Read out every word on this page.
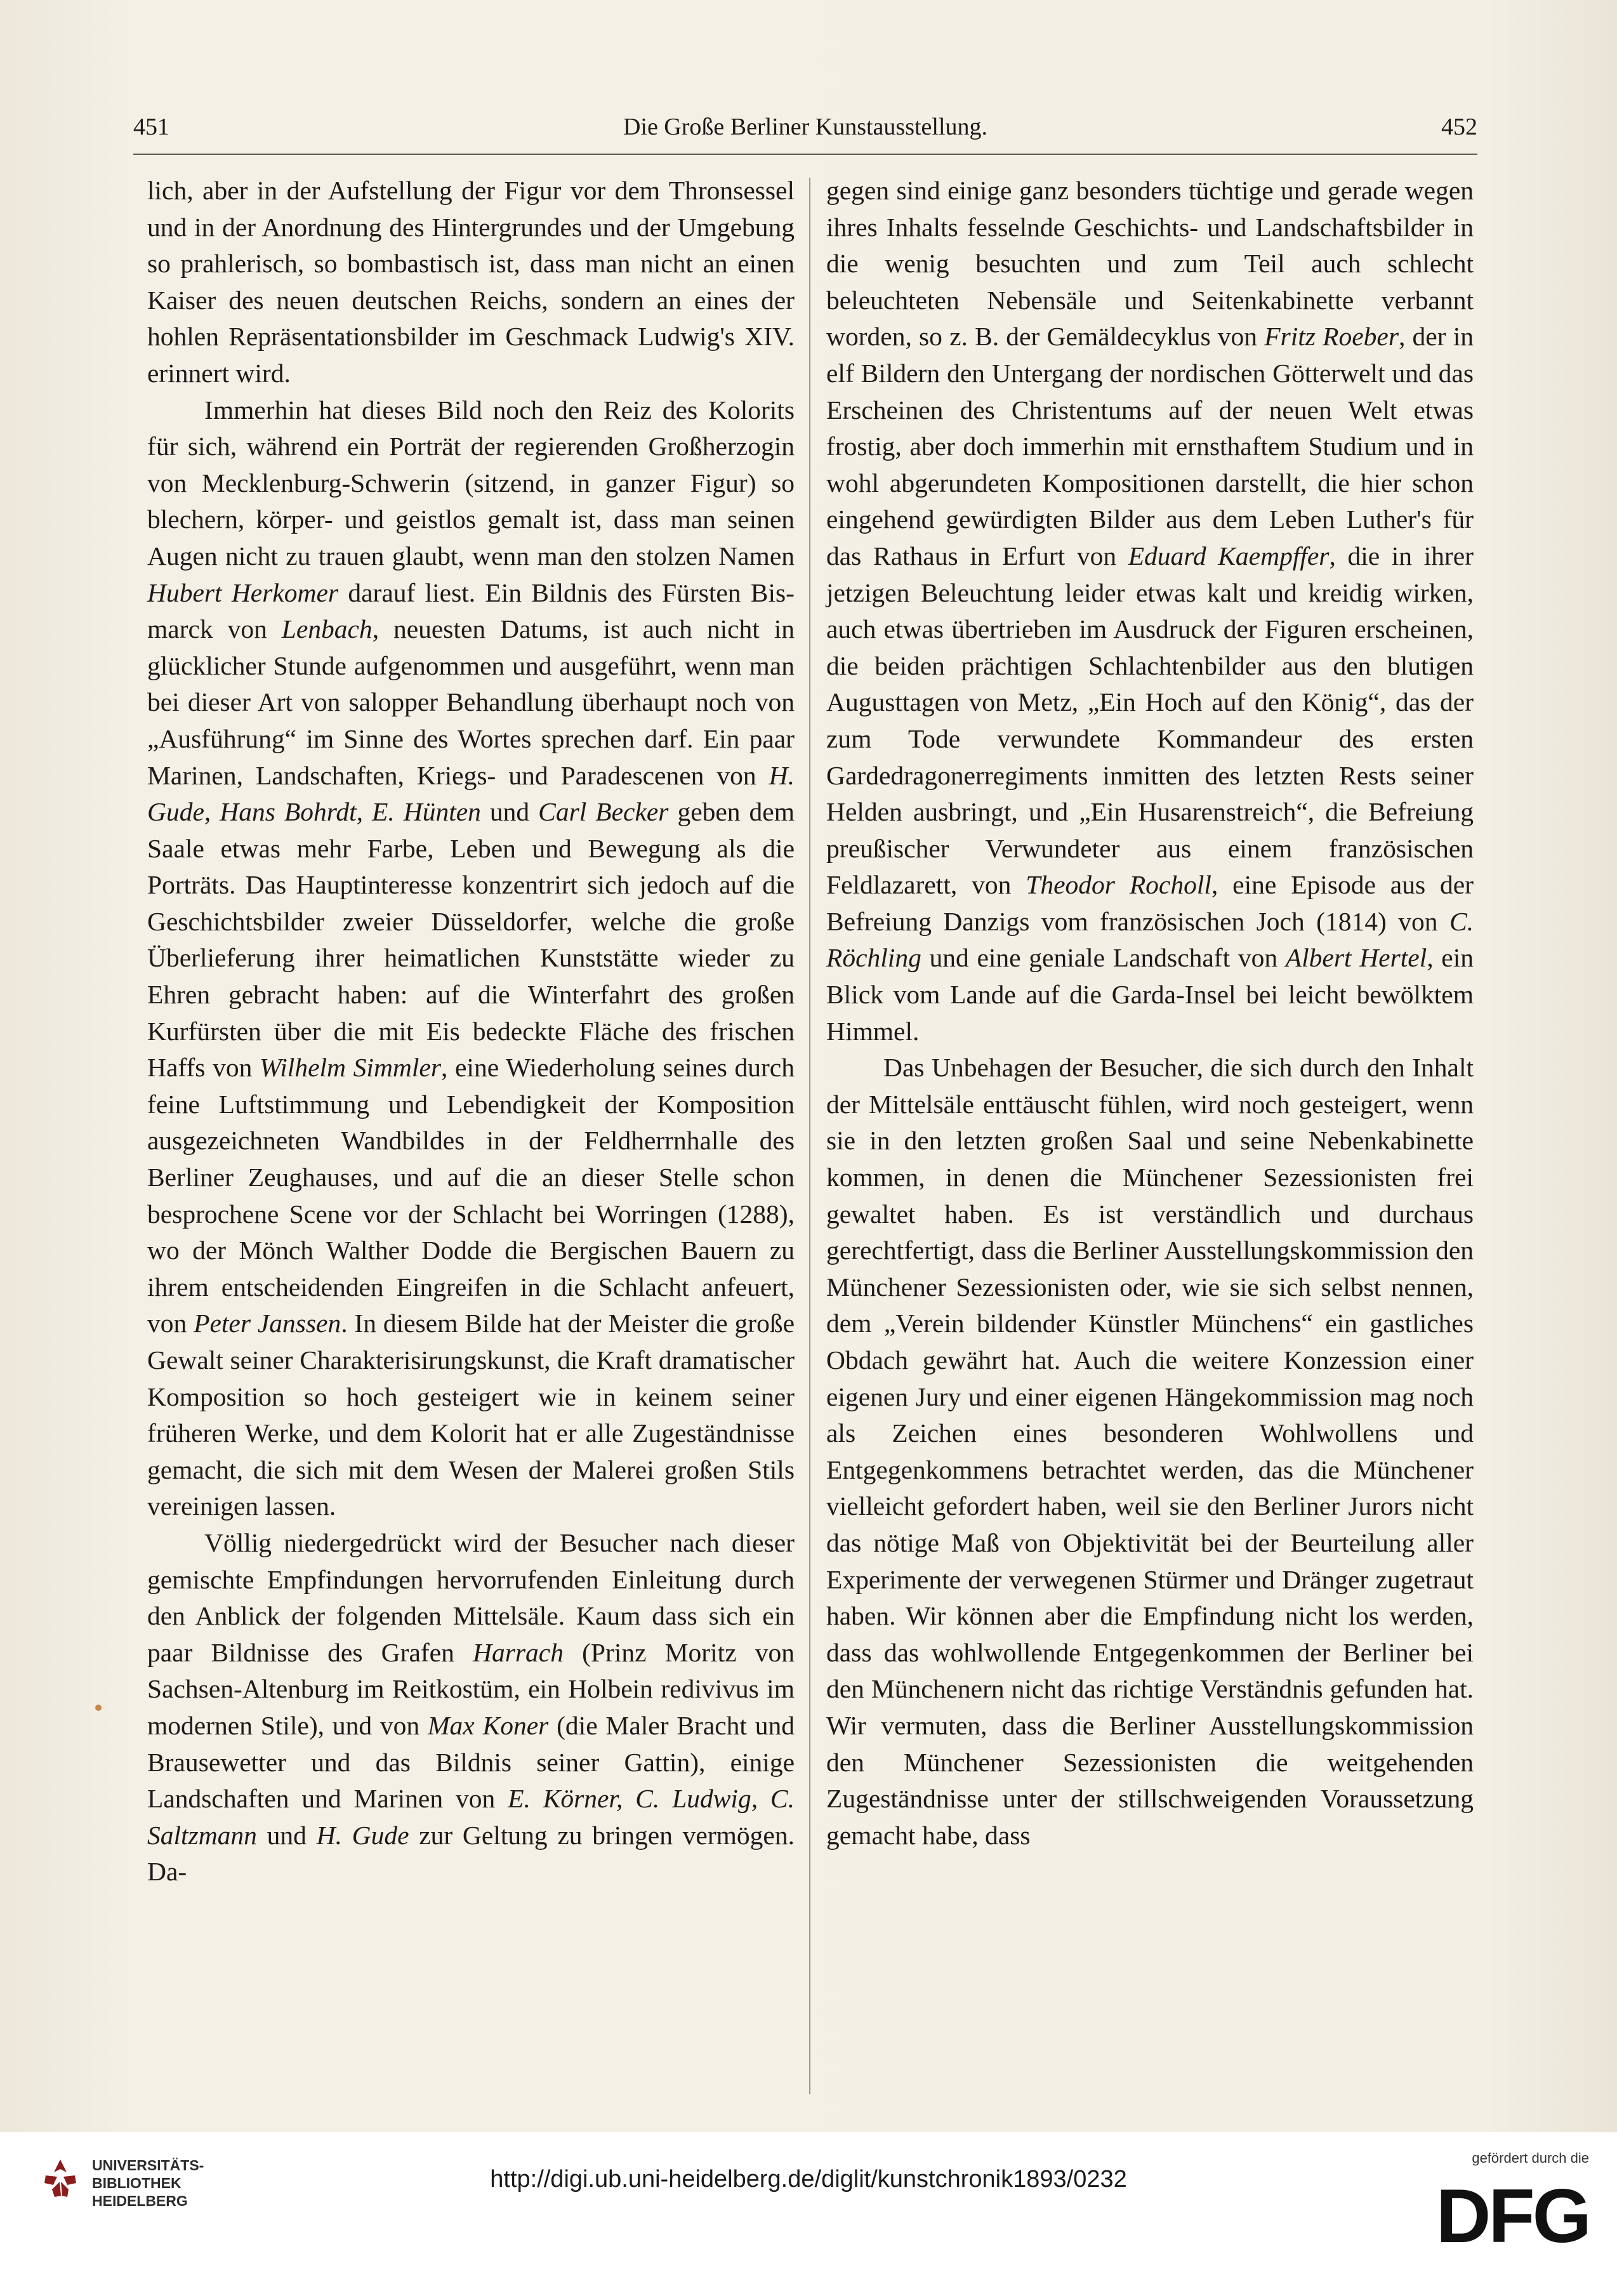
451	Die Große Berliner Kunstausstellung.	452

lich, aber in der Aufstellung der Figur vor dem Thronsessel und in der Anordnung des Hintergrundes und der Umgebung so prahlerisch, so bombastisch ist, dass man nicht an einen Kaiser des neuen deutschen Reichs, sondern an eines der hohlen Repräsentationsbilder im Geschmack Ludwig's XIV. erinnert wird.

Immerhin hat dieses Bild noch den Reiz des Kolorits für sich, während ein Porträt der regierenden Großherzogin von Mecklenburg-Schwerin (sitzend, in ganzer Figur) so blechern, körper- und geistlos gemalt ist, dass man seinen Augen nicht zu trauen glaubt, wenn man den stolzen Namen Hubert Herkomer darauf liest. Ein Bildnis des Fürsten Bismarck von Lenbach, neuesten Datums, ist auch nicht in glücklicher Stunde aufgenommen und ausgeführt, wenn man bei dieser Art von salopper Behandlung überhaupt noch von „Ausführung“ im Sinne des Wortes sprechen darf. Ein paar Marinen, Landschaften, Kriegs- und Paradescenen von H. Gude, Hans Bohrdt, E. Hünten und Carl Becker geben dem Saale etwas mehr Farbe, Leben und Bewegung als die Porträts. Das Hauptinteresse konzentrirt sich jedoch auf die Geschichtsbilder zweier Düsseldorfer, welche die große Überlieferung ihrer heimatlichen Kunststätte wieder zu Ehren gebracht haben: auf die Winterfahrt des großen Kurfürsten über die mit Eis bedeckte Fläche des frischen Haffs von Wilhelm Simmler, eine Wiederholung seines durch feine Luftstimmung und Lebendigkeit der Komposition ausgezeichneten Wandbildes in der Feldherrnhalle des Berliner Zeughauses, und auf die an dieser Stelle schon besprochene Scene vor der Schlacht bei Worringen (1288), wo der Mönch Walther Dodde die Bergischen Bauern zu ihrem entscheidenden Eingreifen in die Schlacht anfeuert, von Peter Janssen. In diesem Bilde hat der Meister die große Gewalt seiner Charakterisirungskunst, die Kraft dramatischer Komposition so hoch gesteigert wie in keinem seiner früheren Werke, und dem Kolorit hat er alle Zugeständnisse gemacht, die sich mit dem Wesen der Malerei großen Stils vereinigen lassen.

Völlig niedergedrückt wird der Besucher nach dieser gemischte Empfindungen hervorrufenden Einleitung durch den Anblick der folgenden Mittelsäle. Kaum dass sich ein paar Bildnisse des Grafen Harrach (Prinz Moritz von Sachsen-Altenburg im Reitkostüm, ein Holbein redivivus im modernen Stile), und von Max Koner (die Maler Bracht und Brausewetter und das Bildnis seiner Gattin), einige Landschaften und Marinen von E. Körner, C. Ludwig, C. Saltzmann und H. Gude zur Geltung zu bringen vermögen. Da-

gegen sind einige ganz besonders tüchtige und gerade wegen ihres Inhalts fesselnde Geschichts- und Landschaftsbilder in die wenig besuchten und zum Teil auch schlecht beleuchteten Nebensäle und Seitenkabinette verbannt worden, so z. B. der Gemäldecyklus von Fritz Roeber, der in elf Bildern den Untergang der nordischen Götterwelt und das Erscheinen des Christentums auf der neuen Welt etwas frostig, aber doch immerhin mit ernsthaftem Studium und in wohl abgerundeten Kompositionen darstellt, die hier schon eingehend gewürdigten Bilder aus dem Leben Luther's für das Rathaus in Erfurt von Eduard Kaempffer, die in ihrer jetzigen Beleuchtung leider etwas kalt und kreidig wirken, auch etwas übertrieben im Ausdruck der Figuren erscheinen, die beiden prächtigen Schlachtenbilder aus den blutigen Augusttagen von Metz, „Ein Hoch auf den König“, das der zum Tode verwundete Kommandeur des ersten Gardedragonerregiments inmitten des letzten Rests seiner Helden ausbringt, und „Ein Husarenstreich“, die Befreiung preußischer Verwundeter aus einem französischen Feldlazarett, von Theodor Rocholl, eine Episode aus der Befreiung Danzigs vom französischen Joch (1814) von C. Röchling und eine geniale Landschaft von Albert Hertel, ein Blick vom Lande auf die Garda-Insel bei leicht bewölktem Himmel.

Das Unbehagen der Besucher, die sich durch den Inhalt der Mittelsäle enttäuscht fühlen, wird noch gesteigert, wenn sie in den letzten großen Saal und seine Nebenkabinette kommen, in denen die Münchener Sezessionisten frei gewaltet haben. Es ist verständlich und durchaus gerechtfertigt, dass die Berliner Ausstellungskommission den Münchener Sezessionisten oder, wie sie sich selbst nennen, dem „Verein bildender Künstler Münchens“ ein gastliches Obdach gewährt hat. Auch die weitere Konzession einer eigenen Jury und einer eigenen Hängekommission mag noch als Zeichen eines besonderen Wohlwollens und Entgegenkommens betrachtet werden, das die Münchener vielleicht gefordert haben, weil sie den Berliner Jurors nicht das nötige Maß von Objektivität bei der Beurteilung aller Experimente der verwegenen Stürmer und Dränger zugetraut haben. Wir können aber die Empfindung nicht los werden, dass das wohlwollende Entgegenkommen der Berliner bei den Münchenern nicht das richtige Verständnis gefunden hat. Wir vermuten, dass die Berliner Ausstellungskommission den Münchener Sezessionisten die weitgehenden Zugeständnisse unter der stillschweigenden Voraussetzung gemacht habe, dass

UNIVERSITÄTS-
BIBLIOTHEK
HEIDELBERG
http://digi.ub.uni-heidelberg.de/diglit/kunstchronik1893/0232
gefördert durch die
DFG
